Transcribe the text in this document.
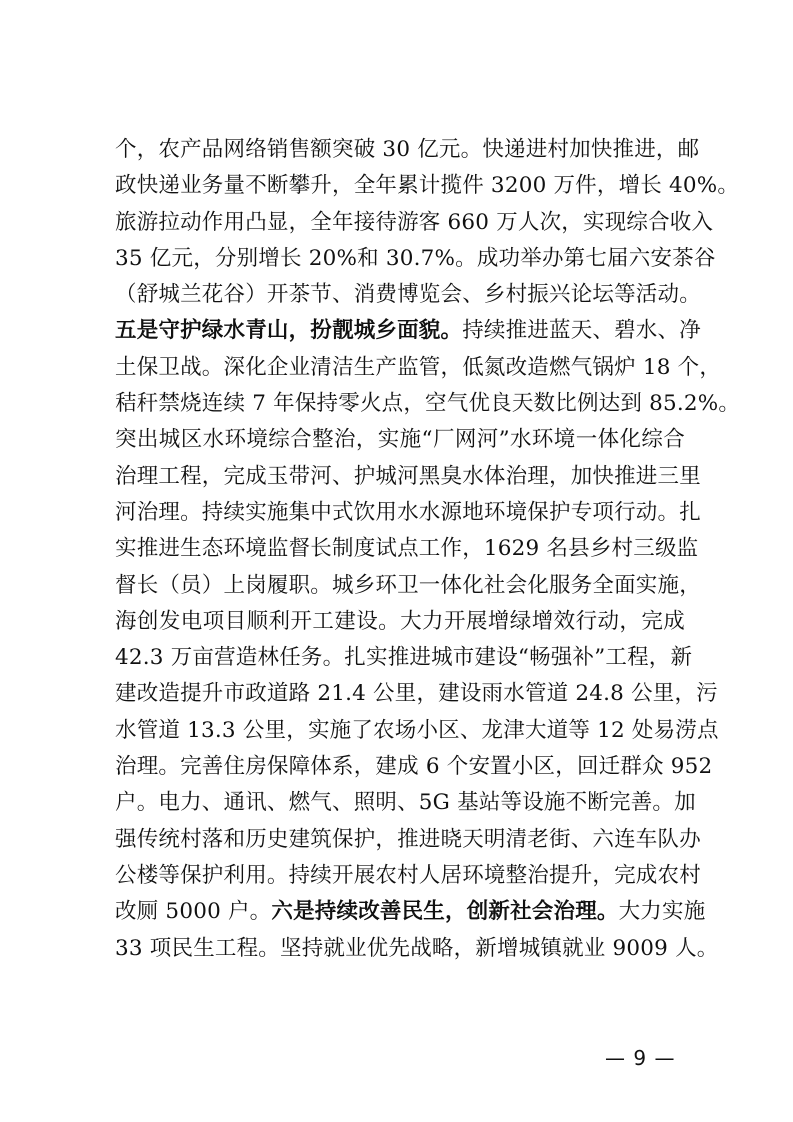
个，农产品网络销售额突破 30 亿元。快递进村加快推进，邮
政快递业务量不断攀升，全年累计揽件 3200 万件，增长 40%。
旅游拉动作用凸显，全年接待游客 660 万人次，实现综合收入
35 亿元，分别增长 20%和 30.7%。成功举办第七届六安茶谷
（舒城兰花谷）开茶节、消费博览会、乡村振兴论坛等活动。
五是守护绿水青山，扮靓城乡面貌。持续推进蓝天、碧水、净
土保卫战。深化企业清洁生产监管，低氮改造燃气锅炉 18 个，
秸秆禁烧连续 7 年保持零火点，空气优良天数比例达到 85.2%。
突出城区水环境综合整治，实施“厂网河”水环境一体化综合
治理工程，完成玉带河、护城河黑臭水体治理，加快推进三里
河治理。持续实施集中式饮用水水源地环境保护专项行动。扎
实推进生态环境监督长制度试点工作，1629 名县乡村三级监
督长（员）上岗履职。城乡环卫一体化社会化服务全面实施，
海创发电项目顺利开工建设。大力开展增绿增效行动，完成
42.3 万亩营造林任务。扎实推进城市建设“畅强补”工程，新
建改造提升市政道路 21.4 公里，建设雨水管道 24.8 公里，污
水管道 13.3 公里，实施了农场小区、龙津大道等 12 处易涝点
治理。完善住房保障体系，建成 6 个安置小区，回迁群众 952
户。电力、通讯、燃气、照明、5G 基站等设施不断完善。加
强传统村落和历史建筑保护，推进晓天明清老街、六连车队办
公楼等保护利用。持续开展农村人居环境整治提升，完成农村
改厕 5000 户。六是持续改善民生，创新社会治理。大力实施
33 项民生工程。坚持就业优先战略，新增城镇就业 9009 人。
— 9 —
